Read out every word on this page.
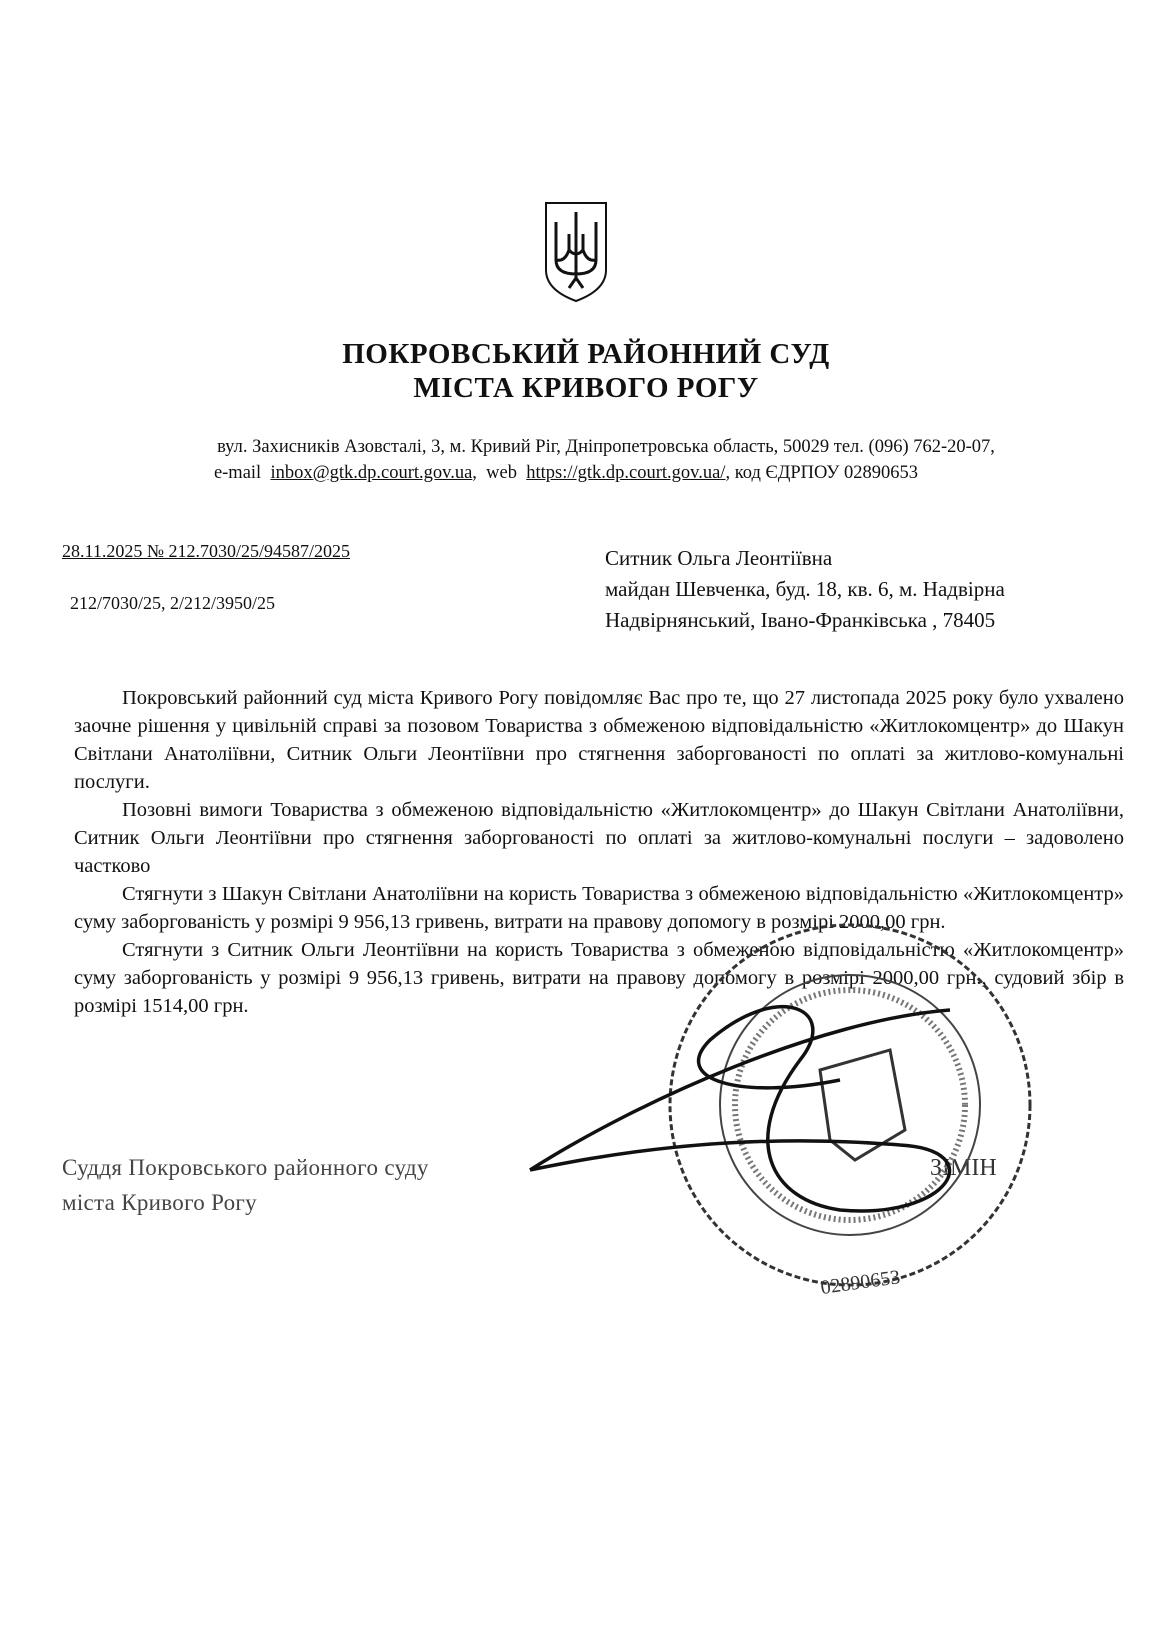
ПОКРОВСЬКИЙ РАЙОННИЙ СУД
МІСТА КРИВОГО РОГУ
вул. Захисників Азовсталі, 3, м. Кривий Ріг, Дніпропетровська область, 50029 тел. (096) 762-20-07,
e-mail inbox@gtk.dp.court.gov.ua,  web https://gtk.dp.court.gov.ua/, код ЄДРПОУ 02890653
28.11.2025 № 212.7030/25/94587/2025
212/7030/25, 2/212/3950/25
Ситник Ольга Леонтіївна
майдан Шевченка, буд. 18, кв. 6, м. Надвірна
Надвірнянський, Івано-Франківська , 78405

Покровський районний суд міста Кривого Рогу повідомляє Вас про те, що 27 листопада 2025 року було ухвалено заочне рішення у цивільній справі за позовом Товариства з обмеженою відповідальністю «Житлокомцентр» до Шакун Світлани Анатоліївни, Ситник Ольги Леонтіївни про стягнення заборгованості по оплаті за житлово-комунальні послуги.

Позовні вимоги Товариства з обмеженою відповідальністю «Житлокомцентр» до Шакун Світлани Анатоліївни, Ситник Ольги Леонтіївни про стягнення заборгованості по оплаті за житлово-комунальні послуги – задоволено частково

Стягнути з Шакун Світлани Анатоліївни на користь Товариства з обмеженою відповідальністю «Житлокомцентр» суму заборгованість у розмірі 9 956,13 гривень, витрати на правову допомогу в розмірі 2000,00 грн.

Стягнути з Ситник Ольги Леонтіївни на користь Товариства з обмеженою відповідальністю «Житлокомцентр» суму заборгованість у розмірі 9 956,13 гривень, витрати на правову допомогу в розмірі 2000,00 грн., судовий збір в розмірі 1514,00 грн.

Суддя Покровського районного суду
міста Кривого Рогу
ЗІМІН
02890653
